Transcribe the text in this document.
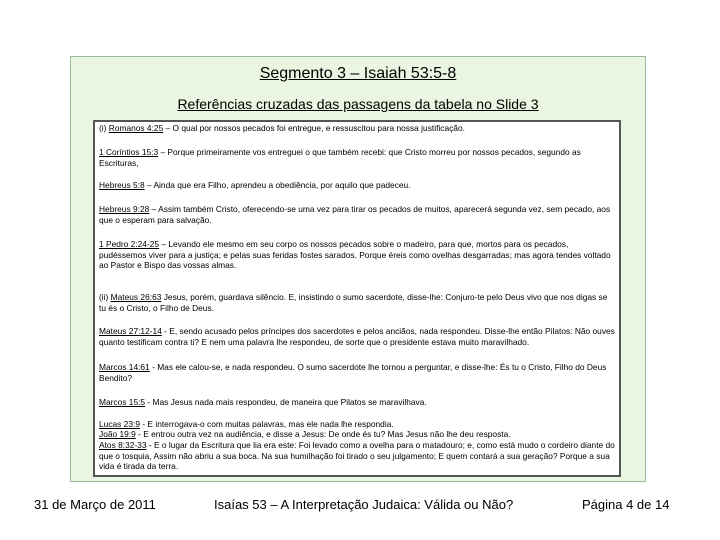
Segmento 3 – Isaiah 53:5-8
Referências cruzadas das passagens da tabela no Slide 3
(i) Romanos 4:25 – O qual por nossos pecados foi entregue, e ressuscitou para nossa justificação.
1 Coríntios 15:3 – Porque primeiramente vos entreguei o que também recebi: que Cristo morreu por nossos pecados, segundo as Escrituras,
Hebreus 5:8 – Ainda que era Filho, aprendeu a obediência, por aquilo que padeceu.
Hebreus 9:28 – Assim também Cristo, oferecendo-se uma vez para tirar os pecados de muitos, aparecerá segunda vez, sem pecado, aos que o esperam para salvação.
1 Pedro 2:24-25 – Levando ele mesmo em seu corpo os nossos pecados sobre o madeiro, para que, mortos para os pecados, pudéssemos viver para a justiça; e pelas suas feridas fostes sarados. Porque éreis como ovelhas desgarradas; mas agora tendes voltado ao Pastor e Bispo das vossas almas.
(ii) Mateus 26:63 Jesus, porém, guardava silêncio. E, insistindo o sumo sacerdote, disse-lhe: Conjuro-te pelo Deus vivo que nos digas se tu és o Cristo, o Filho de Deus.
Mateus 27:12-14 - E, sendo acusado pelos príncipes dos sacerdotes e pelos anciãos, nada respondeu. Disse-lhe então Pilatos: Não ouves quanto testificam contra ti? E nem uma palavra lhe respondeu, de sorte que o presidente estava muito maravilhado.
Marcos 14:61 - Mas ele calou-se, e nada respondeu. O sumo sacerdote lhe tornou a perguntar, e disse-lhe: És tu o Cristo, Filho do Deus Bendito?
Marcos 15:5 - Mas Jesus nada mais respondeu, de maneira que Pilatos se maravilhava.
Lucas 23:9 - E interrogava-o com muitas palavras, mas ele nada lhe respondia.
João 19:9 - E entrou outra vez na audiência, e disse a Jesus: De onde és tu? Mas Jesus não lhe deu resposta.
Atos 8:32-33 - E o lugar da Escritura que lia era este: Foi levado como a ovelha para o matadouro; e, como está mudo o cordeiro diante do que o tosquia, Assim não abriu a sua boca. Na sua humilhação foi tirado o seu julgamento; E quem contará a sua geração? Porque a sua vida é tirada da terra.
31 de Março de 2011	Isaías 53 – A Interpretação Judaica: Válida ou Não?	Página 4 de 14
